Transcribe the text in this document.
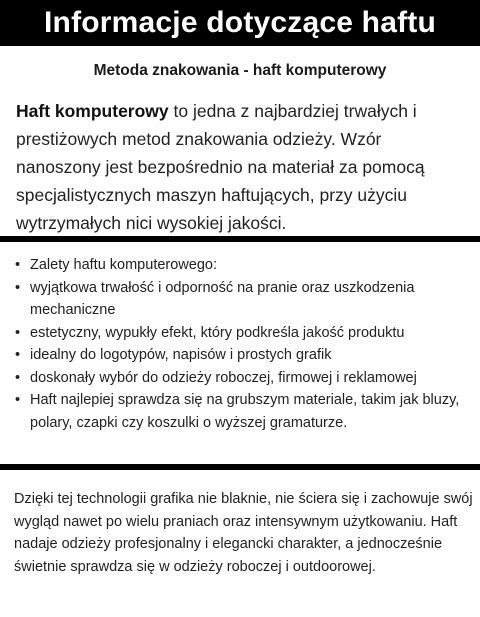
Informacje dotyczące haftu
Metoda znakowania - haft komputerowy

Haft komputerowy to jedna z najbardziej trwałych i prestiżowych metod znakowania odzieży. Wzór nanoszony jest bezpośrednio na materiał za pomocą specjalistycznych maszyn haftujących, przy użyciu wytrzymałych nici wysokiej jakości.

• Zalety haftu komputerowego:
• wyjątkowa trwałość i odporność na pranie oraz uszkodzenia mechaniczne
• estetyczny, wypukły efekt, który podkreśla jakość produktu
• idealny do logotypów, napisów i prostych grafik
• doskonały wybór do odzieży roboczej, firmowej i reklamowej
• Haft najlepiej sprawdza się na grubszym materiale, takim jak bluzy, polary, czapki czy koszulki o wyższej gramaturze.

Dzięki tej technologii grafika nie blaknie, nie ściera się i zachowuje swój wygląd nawet po wielu praniach oraz intensywnym użytkowaniu. Haft nadaje odzieży profesjonalny i elegancki charakter, a jednocześnie świetnie sprawdza się w odzieży roboczej i outdoorowej.
